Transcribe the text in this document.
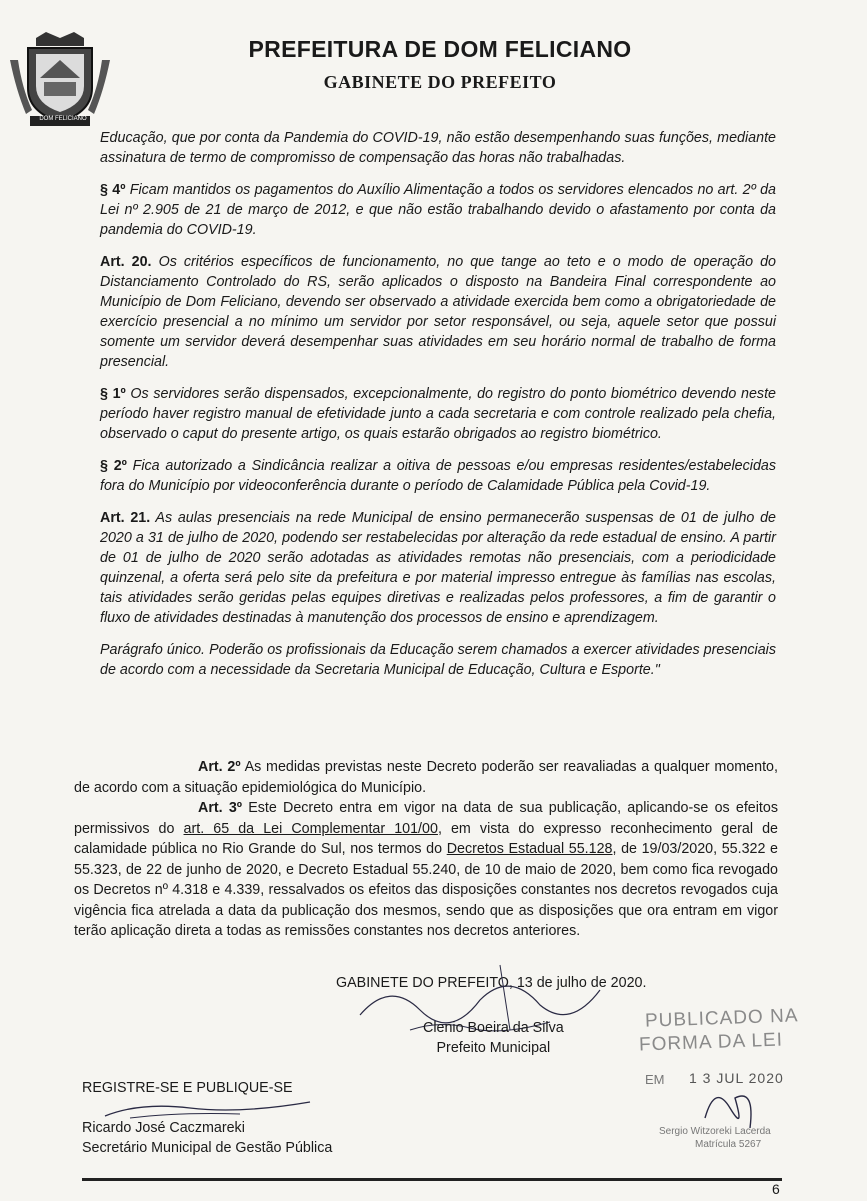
DOM FELICIANO
PREFEITURA DE DOM FELICIANO
GABINETE DO PREFEITO

Educação, que por conta da Pandemia do COVID-19, não estão desempenhando suas funções, mediante assinatura de termo de compromisso de compensação das horas não trabalhadas.

§ 4º Ficam mantidos os pagamentos do Auxílio Alimentação a todos os servidores elencados no art. 2º da Lei nº 2.905 de 21 de março de 2012, e que não estão trabalhando devido o afastamento por conta da pandemia do COVID-19.

Art. 20. Os critérios específicos de funcionamento, no que tange ao teto e o modo de operação do Distanciamento Controlado do RS, serão aplicados o disposto na Bandeira Final correspondente ao Município de Dom Feliciano, devendo ser observado a atividade exercida bem como a obrigatoriedade de exercício presencial a no mínimo um servidor por setor responsável, ou seja, aquele setor que possui somente um servidor deverá desempenhar suas atividades em seu horário normal de trabalho de forma presencial.

§ 1º Os servidores serão dispensados, excepcionalmente, do registro do ponto biométrico devendo neste período haver registro manual de efetividade junto a cada secretaria e com controle realizado pela chefia, observado o caput do presente artigo, os quais estarão obrigados ao registro biométrico.

§ 2º Fica autorizado a Sindicância realizar a oitiva de pessoas e/ou empresas residentes/estabelecidas fora do Município por videoconferência durante o período de Calamidade Pública pela Covid-19.

Art. 21. As aulas presenciais na rede Municipal de ensino permanecerão suspensas de 01 de julho de 2020 a 31 de julho de 2020, podendo ser restabelecidas por alteração da rede estadual de ensino. A partir de 01 de julho de 2020 serão adotadas as atividades remotas não presenciais, com a periodicidade quinzenal, a oferta será pelo site da prefeitura e por material impresso entregue às famílias nas escolas, tais atividades serão geridas pelas equipes diretivas e realizadas pelos professores, a fim de garantir o fluxo de atividades destinadas à manutenção dos processos de ensino e aprendizagem.

Parágrafo único. Poderão os profissionais da Educação serem chamados a exercer atividades presenciais de acordo com a necessidade da Secretaria Municipal de Educação, Cultura e Esporte."

Art. 2º As medidas previstas neste Decreto poderão ser reavaliadas a qualquer momento, de acordo com a situação epidemiológica do Município.

Art. 3º Este Decreto entra em vigor na data de sua publicação, aplicando-se os efeitos permissivos do art. 65 da Lei Complementar 101/00, em vista do expresso reconhecimento geral de calamidade pública no Rio Grande do Sul, nos termos do Decretos Estadual 55.128, de 19/03/2020, 55.322 e 55.323, de 22 de junho de 2020, e Decreto Estadual 55.240, de 10 de maio de 2020, bem como fica revogado os Decretos nº 4.318 e 4.339, ressalvados os efeitos das disposições constantes nos decretos revogados cuja vigência fica atrelada a data da publicação dos mesmos, sendo que as disposições que ora entram em vigor terão aplicação direta a todas as remissões constantes nos decretos anteriores.

GABINETE DO PREFEITO, 13 de julho de 2020.
Clenio Boeira da Silva
Prefeito Municipal
REGISTRE-SE E PUBLIQUE-SE
Ricardo José Caczmareki
Secretário Municipal de Gestão Pública
PUBLICADO NA
FORMA DA LEI
EM 1 3 JUL 2020
Sergio Witzoreki Lacerda
Matrícula 5267
6
